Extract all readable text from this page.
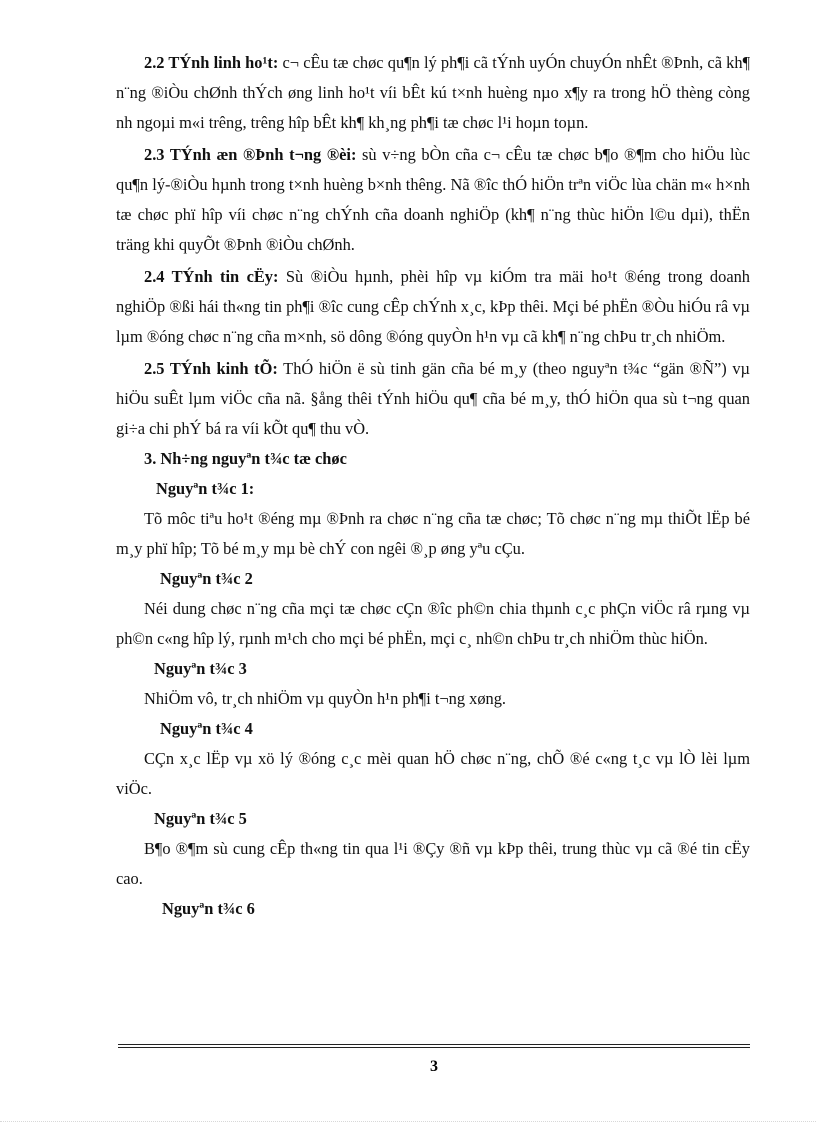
2.2 TÝnh linh ho¹t: c¬ cÊu tæ chøc qu¶n lý ph¶i cã tÝnh uyÓn chuyÓn nhÊt ®Þnh, cã kh¶ n¨ng ®iÒu chØnh thÝch øng linh ho¹t víi bÊt kú t×nh huèng nµo x¶y ra trong hÖ thèng còng nh ngoµi m«i trêng, trêng hîp bÊt kh¶ kh¸ng ph¶i tæ chøc l¹i hoµn toµn.

2.3 TÝnh æn ®Þnh t¬ng ®èi: sù v÷ng bÒn cña c¬ cÊu tæ chøc b¶o ®¶m cho hiÖu lùc qu¶n lý-®iÒu hµnh trong t×nh huèng b×nh thêng. Nã ®îc thÓ hiÖn trªn viÖc lùa chän m« h×nh tæ chøc phï hîp víi chøc n¨ng chÝnh cña doanh nghiÖp (kh¶ n¨ng thùc hiÖn l©u dµi), thËn träng khi quyÕt ®Þnh ®iÒu chØnh.

2.4 TÝnh tin cËy: Sù ®iÒu hµnh, phèi hîp vµ kiÓm tra mäi ho¹t ®éng trong doanh nghiÖp ®ßi hái th«ng tin ph¶i ®îc cung cÊp chÝnh x¸c, kÞp thêi. Mçi bé phËn ®Òu hiÓu râ vµ lµm ®óng chøc n¨ng cña m×nh, sö dông ®óng quyÒn h¹n vµ cã kh¶ n¨ng chÞu tr¸ch nhiÖm.

2.5 TÝnh kinh tÕ: ThÓ hiÖn ë sù tinh gän cña bé m¸y (theo nguyªn t¾c “gän ®Ñ”) vµ hiÖu suÊt lµm viÖc cña nã. §ång thêi tÝnh hiÖu qu¶ cña bé m¸y, thÓ hiÖn qua sù t¬ng quan gi÷a chi phÝ bá ra víi kÕt qu¶ thu vÒ.

3. Nh÷ng nguyªn t¾c tæ chøc

Nguyªn t¾c 1:

Tõ môc tiªu ho¹t ®éng mµ ®Þnh ra chøc n¨ng cña tæ chøc; Tõ chøc n¨ng mµ thiÕt lËp bé m¸y phï hîp; Tõ bé m¸y mµ bè chÝ con ngêi ®¸p øng yªu cÇu.

Nguyªn t¾c 2

Néi dung chøc n¨ng cña mçi tæ chøc cÇn ®îc ph©n chia thµnh c¸c phÇn viÖc râ rµng vµ ph©n c«ng hîp lý, rµnh m¹ch cho mçi bé phËn, mçi c¸ nh©n chÞu tr¸ch nhiÖm thùc hiÖn.

Nguyªn t¾c 3

NhiÖm vô, tr¸ch nhiÖm vµ quyÒn h¹n ph¶i t¬ng xøng.

Nguyªn t¾c 4

CÇn x¸c lËp vµ xö lý ®óng c¸c mèi quan hÖ chøc n¨ng, chÕ ®é c«ng t¸c vµ lÒ lèi lµm viÖc.

Nguyªn t¾c 5

B¶o ®¶m sù cung cÊp th«ng tin qua l¹i ®Çy ®ñ vµ kÞp thêi, trung thùc vµ cã ®é tin cËy cao.

Nguyªn t¾c 6

3
